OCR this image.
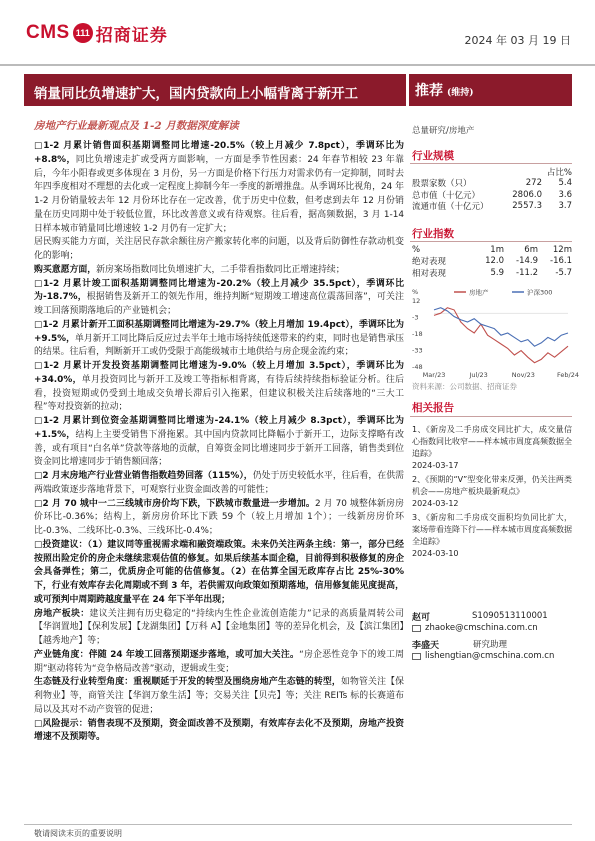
CMS 111 招商证券	2024 年 03 月 19 日
销量同比负增速扩大，国内贷款向上小幅背离于新开工	推荐 (维持)
房地产行业最新观点及 1-2 月数据深度解读

□1-2 月累计销售面积基期调整同比增速-20.5%（较上月减少 7.8pct），季调环比为+8.8%，同比负增速走扩或受两方面影响，一方面是季节性因素：24 年春节相较 23 年靠后，今年小阳春或更多体现在 3 月份，另一方面是价格下行压力对需求仍有一定抑制，同时去年四季度相对不理想的去化或一定程度上抑制今年一季度的新增推盘。从季调环比视角，24 年 1-2 月份销量较去年 12 月份环比存在一定改善，优于历史中位数，但考虑到去年 12 月份销量在历史同期中处于较低位置，环比改善意义或有待观察。往后看，据高频数据，3 月 1-14 日样本城市销量同比增速较 1-2 月仍有一定扩大；

居民购买能力方面，关注居民存款余额往房产搬家转化率的问题，以及背后防御性存款动机变化的影响；

购买意愿方面，新房案场指数同比负增速扩大，二手带看指数同比正增速持续；

□1-2 月累计竣工面积基期调整同比增速为-20.2%（较上月减少 35.5pct），季调环比为-18.7%，根据销售及新开工的领先作用，维持判断“短期竣工增速高位震荡回落”，可关注竣工回落预期落地后的产业链机会；

□1-2 月累计新开工面积基期调整同比增速为-29.7%（较上月增加 19.4pct），季调环比为+9.5%，单月新开工同比降后反应过去半年土地市场持续低迷带来的约束，同时也是销售承压的结果。往后看，判断新开工或仍受限于高能级城市土地供给与房企现金流约束；

□1-2 月累计开发投资基期调整同比增速为-9.0%（较上月增加 3.5pct），季调环比为+34.0%，单月投资同比与新开工及竣工等指标相背离，有待后续持续指标验证分析。往后看，投资短期或仍受到土地成交负增长滞后引入拖累，但建议积极关注后续落地的“三大工程”等对投资新的拉动；

□1-2 月累计到位资金基期调整同比增速为-24.1%（较上月减少 8.3pct），季调环比为+1.5%，结构上主要受销售下滑拖累。其中国内贷款同比降幅小于新开工，边际支撑略有改善，或有项目“白名单”贷款等落地的贡献，自筹资金同比增速同步于新开工回落，销售类到位资金同比增速同步于销售额回落；

□2 月末房地产行业营业销售指数趋势回落（115%），仍处于历史较低水平，往后看，在供需两端政策逐步落地背景下，可观察行业资金面改善的可能性；

□2 月 70 城中一二三线城市房价均下跌，下跌城市数量进一步增加。2 月 70 城整体新房房价环比-0.36%；结构上，新房房价环比下跌 59 个（较上月增加 1个）；一线新房房价环比-0.3%、二线环比-0.3%、三线环比-0.4%；

□投资建议：（1）建议同等重视需求端和融资端政策。未来仍关注两条主线：第一，部分已经按照出险定价的房企未继续悲观估值的修复。如果后续基本面企稳，目前得到积极修复的房企会具备弹性；第二，优质房企可能的估值修复。（2）在估算全国无政库存占比 25%-30%下，行业有效库存去化周期或不到 3 年，若供需双向政策如预期落地，信用修复能见度提高，或可预判中周期跨越度量平在 24 年下半年出现；

房地产板块：建议关注拥有历史稳定的“持续内生性企业流创造能力”记录的高质量周转公司【华润置地】【保利发展】【龙湖集团】【万科 A】【金地集团】等的差异化机会，及【滨江集团】【越秀地产】等；

产业链角度：伴随 24 年竣工回落预期逐步落地，或可加大关注。“房企恶性竞争下的竣工周期”驱动将转为“竞争格局改善”驱动，逻辑或生变；

生态链及行业转型角度：重视顺延于开发的转型及围绕房地产生态链的转型，如物管关注【保利物业】等，商管关注【华润万象生活】等；交易关注【贝壳】等；关注 REITs 标的长赛道布局以及其对不动产资管的促进；

□风险提示：销售表现不及预期，资金面改善不及预期，有效库存去化不及预期，房地产投资增速不及预期等。

总量研究/房地产
行业规模
占比%
股票家数（只）	272	5.4
总市值（十亿元）	2806.0	3.6
流通市值（十亿元）	2557.3	3.7
行业指数
%	1m	6m	12m
绝对表现	12.0	-14.9	-16.1
相对表现	5.9	-11.2	-5.7
%
12
-3
-18
-33
-48
房地产	沪深300
Mar/23	Jul/23	Nov/23	Feb/24
资料来源：公司数据、招商证券
相关报告
1、《新房及二手房成交同比扩大，成交量信心指数同比收窄——样本城市周度高频数据全追踪》
2024-03-17
2、《预期的“V”型变化带来反弹，仍关注两类机会——房地产板块最新观点》
2024-03-12
3、《新房和二手房成交面积均负同比扩大，案场带看连降下行——样本城市周度高频数据全追踪》
2024-03-10
赵可	S1090513110001
zhaoke@cmschina.com.cn
李盛天	研究助理
lishengtian@cmschina.com.cn
敬请阅读末页的重要说明
